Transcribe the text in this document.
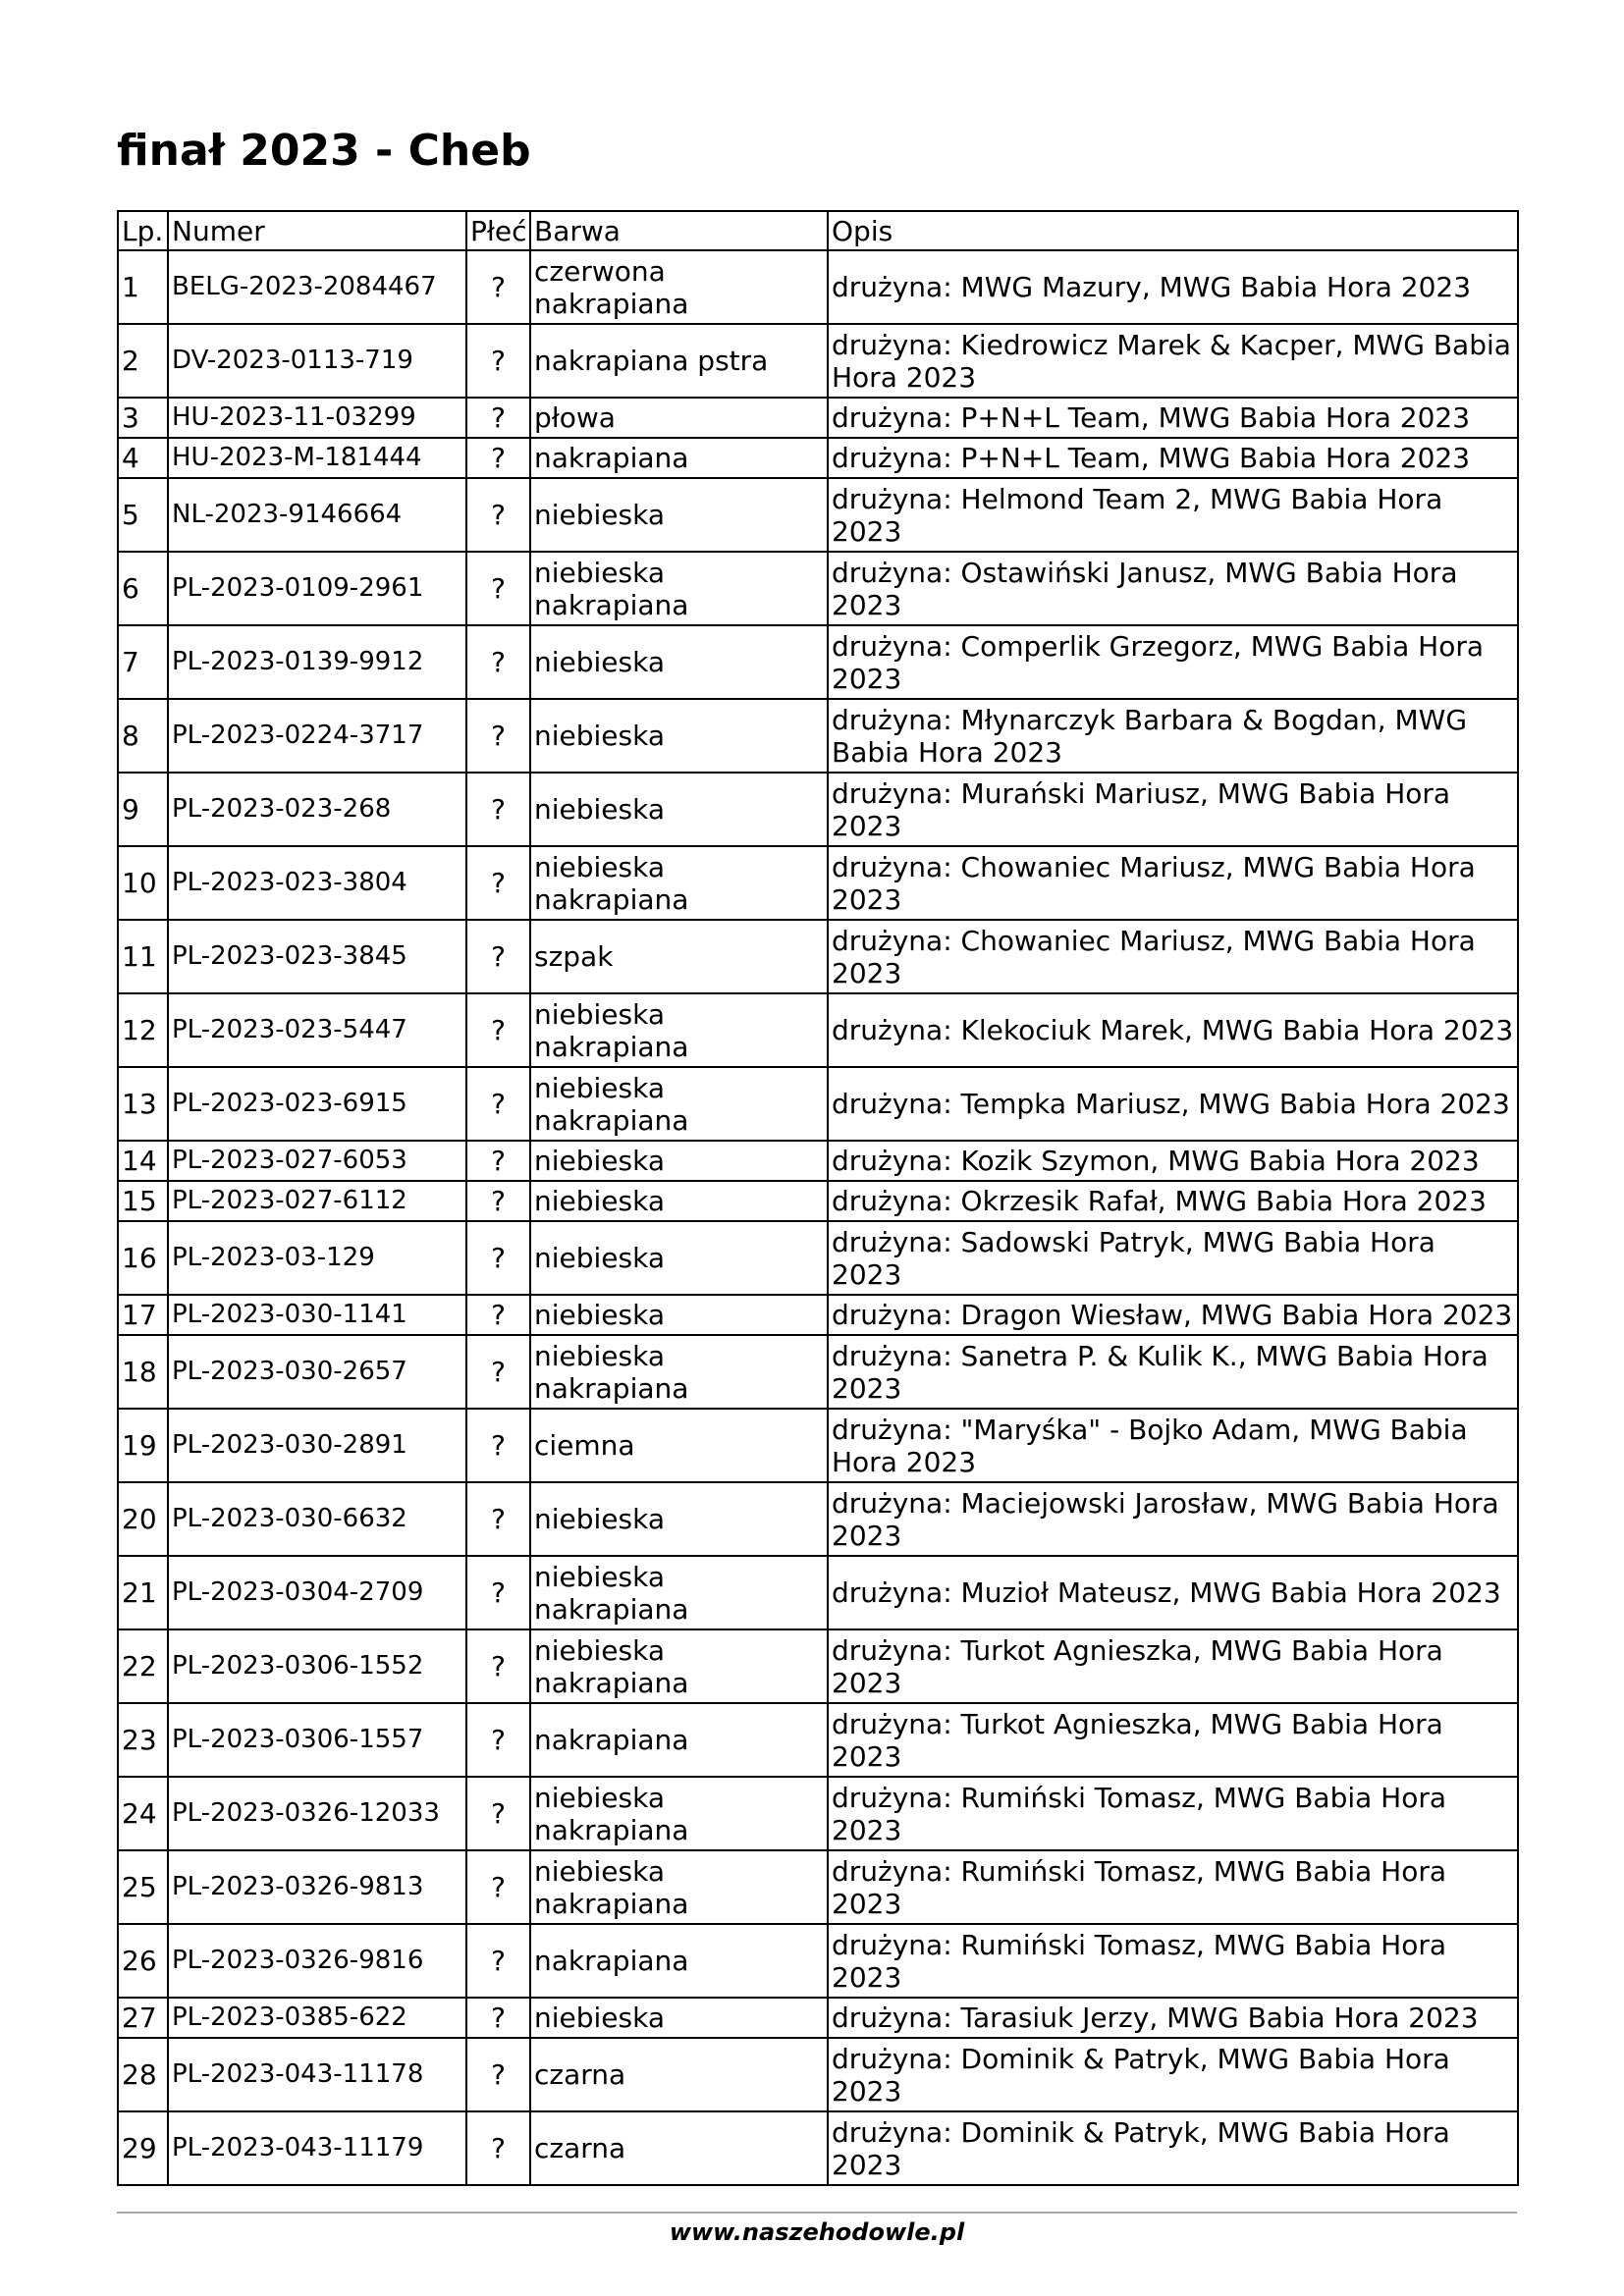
finał 2023 - Cheb
Lp.	Numer	Płeć	Barwa	Opis
1	BELG-2023-2084467	?	czerwona nakrapiana	drużyna: MWG Mazury, MWG Babia Hora 2023
2	DV-2023-0113-719	?	nakrapiana pstra	drużyna: Kiedrowicz Marek & Kacper, MWG Babia Hora 2023
3	HU-2023-11-03299	?	płowa	drużyna: P+N+L Team, MWG Babia Hora 2023
4	HU-2023-M-181444	?	nakrapiana	drużyna: P+N+L Team, MWG Babia Hora 2023
5	NL-2023-9146664	?	niebieska	drużyna: Helmond Team 2, MWG Babia Hora 2023
6	PL-2023-0109-2961	?	niebieska nakrapiana	drużyna: Ostawiński Janusz, MWG Babia Hora 2023
7	PL-2023-0139-9912	?	niebieska	drużyna: Comperlik Grzegorz, MWG Babia Hora 2023
8	PL-2023-0224-3717	?	niebieska	drużyna: Młynarczyk Barbara & Bogdan, MWG Babia Hora 2023
9	PL-2023-023-268	?	niebieska	drużyna: Murański Mariusz, MWG Babia Hora 2023
10	PL-2023-023-3804	?	niebieska nakrapiana	drużyna: Chowaniec Mariusz, MWG Babia Hora 2023
11	PL-2023-023-3845	?	szpak	drużyna: Chowaniec Mariusz, MWG Babia Hora 2023
12	PL-2023-023-5447	?	niebieska nakrapiana	drużyna: Klekociuk Marek, MWG Babia Hora 2023
13	PL-2023-023-6915	?	niebieska nakrapiana	drużyna: Tempka Mariusz, MWG Babia Hora 2023
14	PL-2023-027-6053	?	niebieska	drużyna: Kozik Szymon, MWG Babia Hora 2023
15	PL-2023-027-6112	?	niebieska	drużyna: Okrzesik Rafał, MWG Babia Hora 2023
16	PL-2023-03-129	?	niebieska	drużyna: Sadowski Patryk, MWG Babia Hora 2023
17	PL-2023-030-1141	?	niebieska	drużyna: Dragon Wiesław, MWG Babia Hora 2023
18	PL-2023-030-2657	?	niebieska nakrapiana	drużyna: Sanetra P. & Kulik K., MWG Babia Hora 2023
19	PL-2023-030-2891	?	ciemna	drużyna: "Maryśka" - Bojko Adam, MWG Babia Hora 2023
20	PL-2023-030-6632	?	niebieska	drużyna: Maciejowski Jarosław, MWG Babia Hora 2023
21	PL-2023-0304-2709	?	niebieska nakrapiana	drużyna: Muzioł Mateusz, MWG Babia Hora 2023
22	PL-2023-0306-1552	?	niebieska nakrapiana	drużyna: Turkot Agnieszka, MWG Babia Hora 2023
23	PL-2023-0306-1557	?	nakrapiana	drużyna: Turkot Agnieszka, MWG Babia Hora 2023
24	PL-2023-0326-12033	?	niebieska nakrapiana	drużyna: Rumiński Tomasz, MWG Babia Hora 2023
25	PL-2023-0326-9813	?	niebieska nakrapiana	drużyna: Rumiński Tomasz, MWG Babia Hora 2023
26	PL-2023-0326-9816	?	nakrapiana	drużyna: Rumiński Tomasz, MWG Babia Hora 2023
27	PL-2023-0385-622	?	niebieska	drużyna: Tarasiuk Jerzy, MWG Babia Hora 2023
28	PL-2023-043-11178	?	czarna	drużyna: Dominik & Patryk, MWG Babia Hora 2023
29	PL-2023-043-11179	?	czarna	drużyna: Dominik & Patryk, MWG Babia Hora 2023
www.naszehodowle.pl
